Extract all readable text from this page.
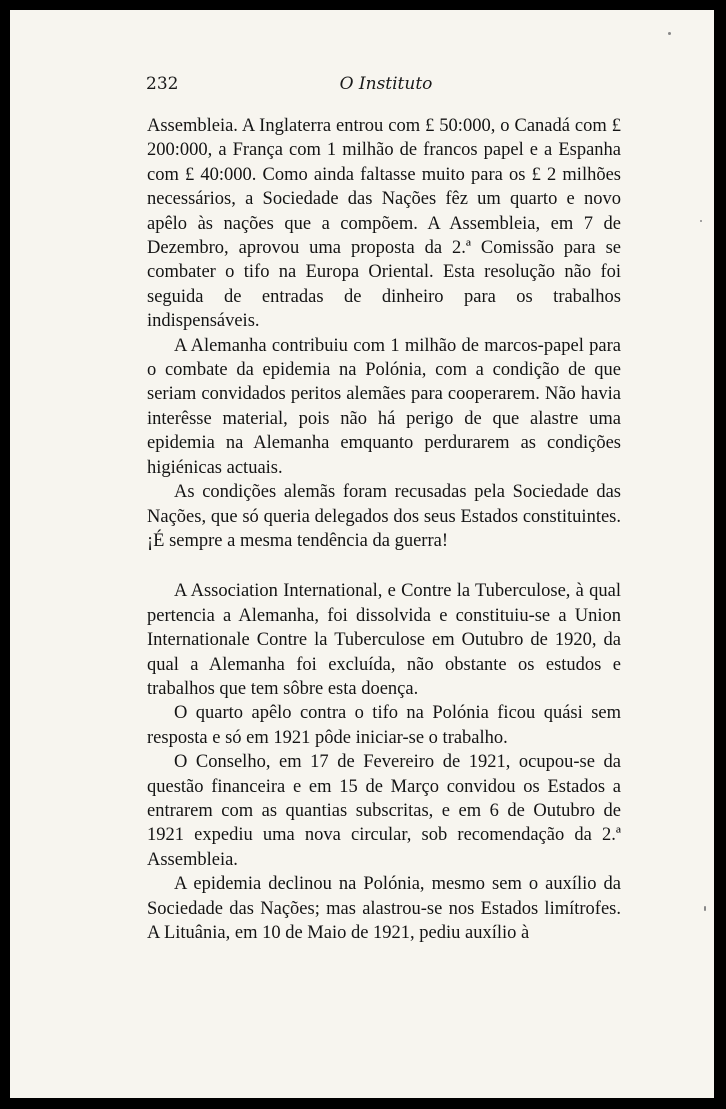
232	O Instituto

Assembleia. A Inglaterra entrou com £ 50:000, o Canadá com £ 200:000, a França com 1 milhão de francos papel e a Espanha com £ 40:000. Como ainda faltasse muito para os £ 2 milhões necessários, a Sociedade das Nações fêz um quarto e novo apêlo às nações que a compõem. A Assembleia, em 7 de Dezembro, aprovou uma proposta da 2.ª Comissão para se combater o tifo na Europa Oriental. Esta resolução não foi seguida de entradas de dinheiro para os trabalhos indispensáveis.

A Alemanha contribuiu com 1 milhão de marcos-papel para o combate da epidemia na Polónia, com a condição de que seriam convidados peritos alemães para cooperarem. Não havia interêsse material, pois não há perigo de que alastre uma epidemia na Alemanha emquanto perdurarem as condições higiénicas actuais.

As condições alemãs foram recusadas pela Sociedade das Nações, que só queria delegados dos seus Estados constituintes. ¡É sempre a mesma tendência da guerra!

A Association International, e Contre la Tuberculose, à qual pertencia a Alemanha, foi dissolvida e constituiu-se a Union Internationale Contre la Tuberculose em Outubro de 1920, da qual a Alemanha foi excluída, não obstante os estudos e trabalhos que tem sôbre esta doença.

O quarto apêlo contra o tifo na Polónia ficou quási sem resposta e só em 1921 pôde iniciar-se o trabalho.

O Conselho, em 17 de Fevereiro de 1921, ocupou-se da questão financeira e em 15 de Março convidou os Estados a entrarem com as quantias subscritas, e em 6 de Outubro de 1921 expediu uma nova circular, sob recomendação da 2.ª Assembleia.

A epidemia declinou na Polónia, mesmo sem o auxílio da Sociedade das Nações; mas alastrou-se nos Estados limítrofes. A Lituânia, em 10 de Maio de 1921, pediu auxílio à
